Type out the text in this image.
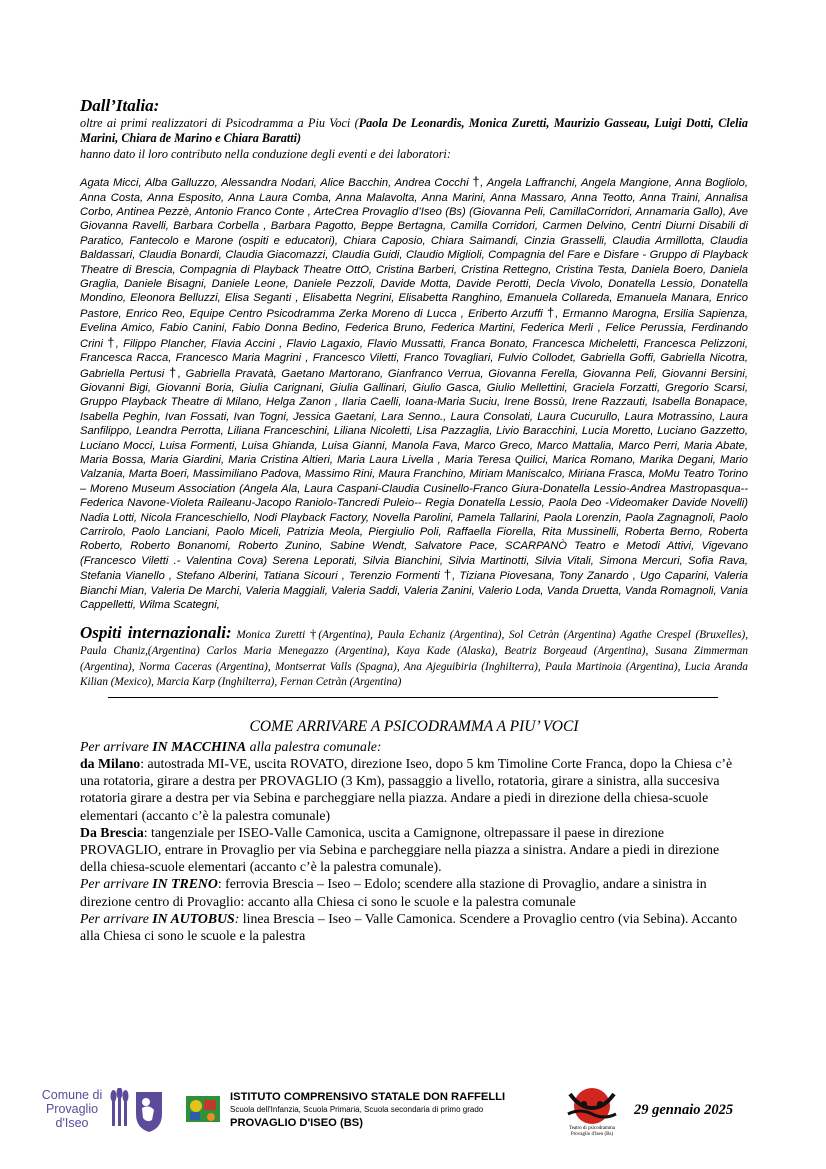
Dall’Italia:

oltre ai primi realizzatori di Psicodramma a Piu Voci (Paola De Leonardis, Monica Zuretti, Maurizio Gasseau, Luigi Dotti, Clelia Marini, Chiara de Marino e Chiara Baratti)
hanno dato il loro contributo nella conduzione degli eventi e dei laboratori:

Agata Micci, Alba Galluzzo, Alessandra Nodari, Alice Bacchin, Andrea Cocchi †, Angela Laffranchi, Angela Mangione, Anna Bogliolo, Anna Costa, Anna Esposito, Anna Laura Comba, Anna Malavolta, Anna Marini, Anna Massaro, Anna Teotto, Anna Traini, Annalisa Corbo, Antinea Pezzè, Antonio Franco Conte , ArteCrea Provaglio d’Iseo (Bs) (Giovanna Peli, CamillaCorridori, Annamaria Gallo), Ave Giovanna Ravelli, Barbara Corbella , Barbara Pagotto, Beppe Bertagna, Camilla Corridori, Carmen Delvino, Centri Diurni Disabili di Paratico, Fantecolo e Marone (ospiti e educatori), Chiara Caposio, Chiara Saimandi, Cinzia Grasselli, Claudia Armillotta, Claudia Baldassari, Claudia Bonardi, Claudia Giacomazzi, Claudia Guidi, Claudio Miglioli, Compagnia del Fare e Disfare - Gruppo di Playback Theatre di Brescia, Compagnia di Playback Theatre OttO, Cristina Barberi, Cristina Rettegno, Cristina Testa, Daniela Boero, Daniela Graglia, Daniele Bisagni, Daniele Leone, Daniele Pezzoli, Davide Motta, Davide Perotti, Decla Vivolo, Donatella Lessio, Donatella Mondino, Eleonora Belluzzi, Elisa Seganti , Elisabetta Negrini, Elisabetta Ranghino, Emanuela Collareda, Emanuela Manara, Enrico Pastore, Enrico Reo, Equipe Centro Psicodramma Zerka Moreno di Lucca , Eriberto Arzuffi †, Ermanno Marogna, Ersilia Sapienza, Evelina Amico, Fabio Canini, Fabio Donna Bedino, Federica Bruno, Federica Martini, Federica Merli , Felice Perussia, Ferdinando Crini †, Filippo Plancher, Flavia Accini , Flavio Lagaxio, Flavio Mussatti, Franca Bonato, Francesca Micheletti, Francesca Pelizzoni, Francesca Racca, Francesco Maria Magrini , Francesco Viletti, Franco Tovagliari, Fulvio Collodet, Gabriella Goffi, Gabriella Nicotra, Gabriella Pertusi †, Gabriella Pravatà, Gaetano Martorano, Gianfranco Verrua, Giovanna Ferella, Giovanna Peli, Giovanni Bersini, Giovanni Bigi, Giovanni Boria, Giulia Carignani, Giulia Gallinari, Giulio Gasca, Giulio Mellettini, Graciela Forzatti, Gregorio Scarsi, Gruppo Playback Theatre di Milano, Helga Zanon , Ilaria Caelli, Ioana-Maria Suciu, Irene Bossù, Irene Razzauti, Isabella Bonapace, Isabella Peghin, Ivan Fossati, Ivan Togni, Jessica Gaetani, Lara Senno., Laura Consolati, Laura Cucurullo, Laura Motrassino, Laura Sanfilippo, Leandra Perrotta, Liliana Franceschini, Liliana Nicoletti, Lisa Pazzaglia, Livio Baracchini, Lucia Moretto, Luciano Gazzetto, Luciano Mocci, Luisa Formenti, Luisa Ghianda, Luisa Gianni, Manola Fava, Marco Greco, Marco Mattalia, Marco Perri, Maria Abate, Maria Bossa, Maria Giardini, Maria Cristina Altieri, Maria Laura Livella , Maria Teresa Quilici, Marica Romano, Marika Degani, Mario Valzania, Marta Boeri, Massimiliano Padova, Massimo Rini, Maura Franchino, Miriam Maniscalco, Miriana Frasca, MoMu Teatro Torino – Moreno Museum Association (Angela Ala, Laura Caspani-Claudia Cusinello-Franco Giura-Donatella Lessio-Andrea Mastropasqua--Federica Navone-Violeta Raileanu-Jacopo Raniolo-Tancredi Puleio-- Regia Donatella Lessio, Paola Deo -Videomaker Davide Novelli) Nadia Lotti, Nicola Franceschiello, Nodi Playback Factory, Novella Parolini, Pamela Tallarini, Paola Lorenzin, Paola Zagnagnoli, Paolo Carrirolo, Paolo Lanciani, Paolo Miceli, Patrizia Meola, Piergiulio Poli, Raffaella Fiorella, Rita Mussinelli, Roberta Berno, Roberta Roberto, Roberto Bonanomi, Roberto Zunino, Sabine Wendt, Salvatore Pace, SCARPANÒ Teatro e Metodi Attivi, Vigevano (Francesco Viletti .- Valentina Cova) Serena Leporati, Silvia Bianchini, Silvia Martinotti, Silvia Vitali, Simona Mercuri, Sofia Rava, Stefania Vianello , Stefano Alberini, Tatiana Sicouri , Terenzio Formenti †, Tiziana Piovesana, Tony Zanardo , Ugo Caparini, Valeria Bianchi Mian, Valeria De Marchi, Valeria Maggiali, Valeria Saddi, Valeria Zanini, Valerio Loda, Vanda Druetta, Vanda Romagnoli, Vania Cappelletti, Wilma Scategni,

Ospiti internazionali: Monica Zuretti †(Argentina), Paula Echaniz (Argentina), Sol Cetràn (Argentina) Agathe Crespel (Bruxelles), Paula Chaniz,(Argentina) Carlos Maria Menegazzo (Argentina), Kaya Kade (Alaska), Beatriz Borgeaud (Argentina), Susana Zimmerman (Argentina), Norma Caceras (Argentina), Montserrat Valls (Spagna), Ana Ajeguibiria (Inghilterra), Paula Martinoia (Argentina), Lucia Aranda Kilian (Mexico), Marcia Karp (Inghilterra), Fernan Cetràn (Argentina)

COME ARRIVARE A PSICODRAMMA A PIU’ VOCI

Per arrivare IN MACCHINA alla palestra comunale:

da Milano: autostrada MI-VE, uscita ROVATO, direzione Iseo, dopo 5 km Timoline Corte Franca, dopo la Chiesa c’è una rotatoria, girare a destra per PROVAGLIO (3 Km), passaggio a livello, rotatoria, girare a sinistra, alla succesiva rotatoria girare a destra per via Sebina e parcheggiare nella piazza. Andare a piedi in direzione della chiesa-scuole elementari (accanto c’è la palestra comunale)

Da Brescia: tangenziale per ISEO-Valle Camonica, uscita a Camignone, oltrepassare il paese in direzione PROVAGLIO, entrare in Provaglio per via Sebina e parcheggiare nella piazza a sinistra. Andare a piedi in direzione della chiesa-scuole elementari (accanto c’è la palestra comunale).

Per arrivare IN TRENO: ferrovia Brescia – Iseo – Edolo; scendere alla stazione di Provaglio, andare a sinistra in direzione centro di Provaglio: accanto alla Chiesa ci sono le scuole e la palestra comunale

Per arrivare IN AUTOBUS: linea Brescia – Iseo – Valle Camonica. Scendere a Provaglio centro (via Sebina). Accanto alla Chiesa ci sono le scuole e la palestra

Comune di
Provaglio
d'Iseo
ISTITUTO COMPRENSIVO STATALE DON RAFFELLI
Scuola dell'Infanzia, Scuola Primaria, Scuola secondaria di primo grado
PROVAGLIO D'ISEO (BS)	Teatro di psicodramma
Provaglio d'Iseo (Bs)
29 gennaio 2025
